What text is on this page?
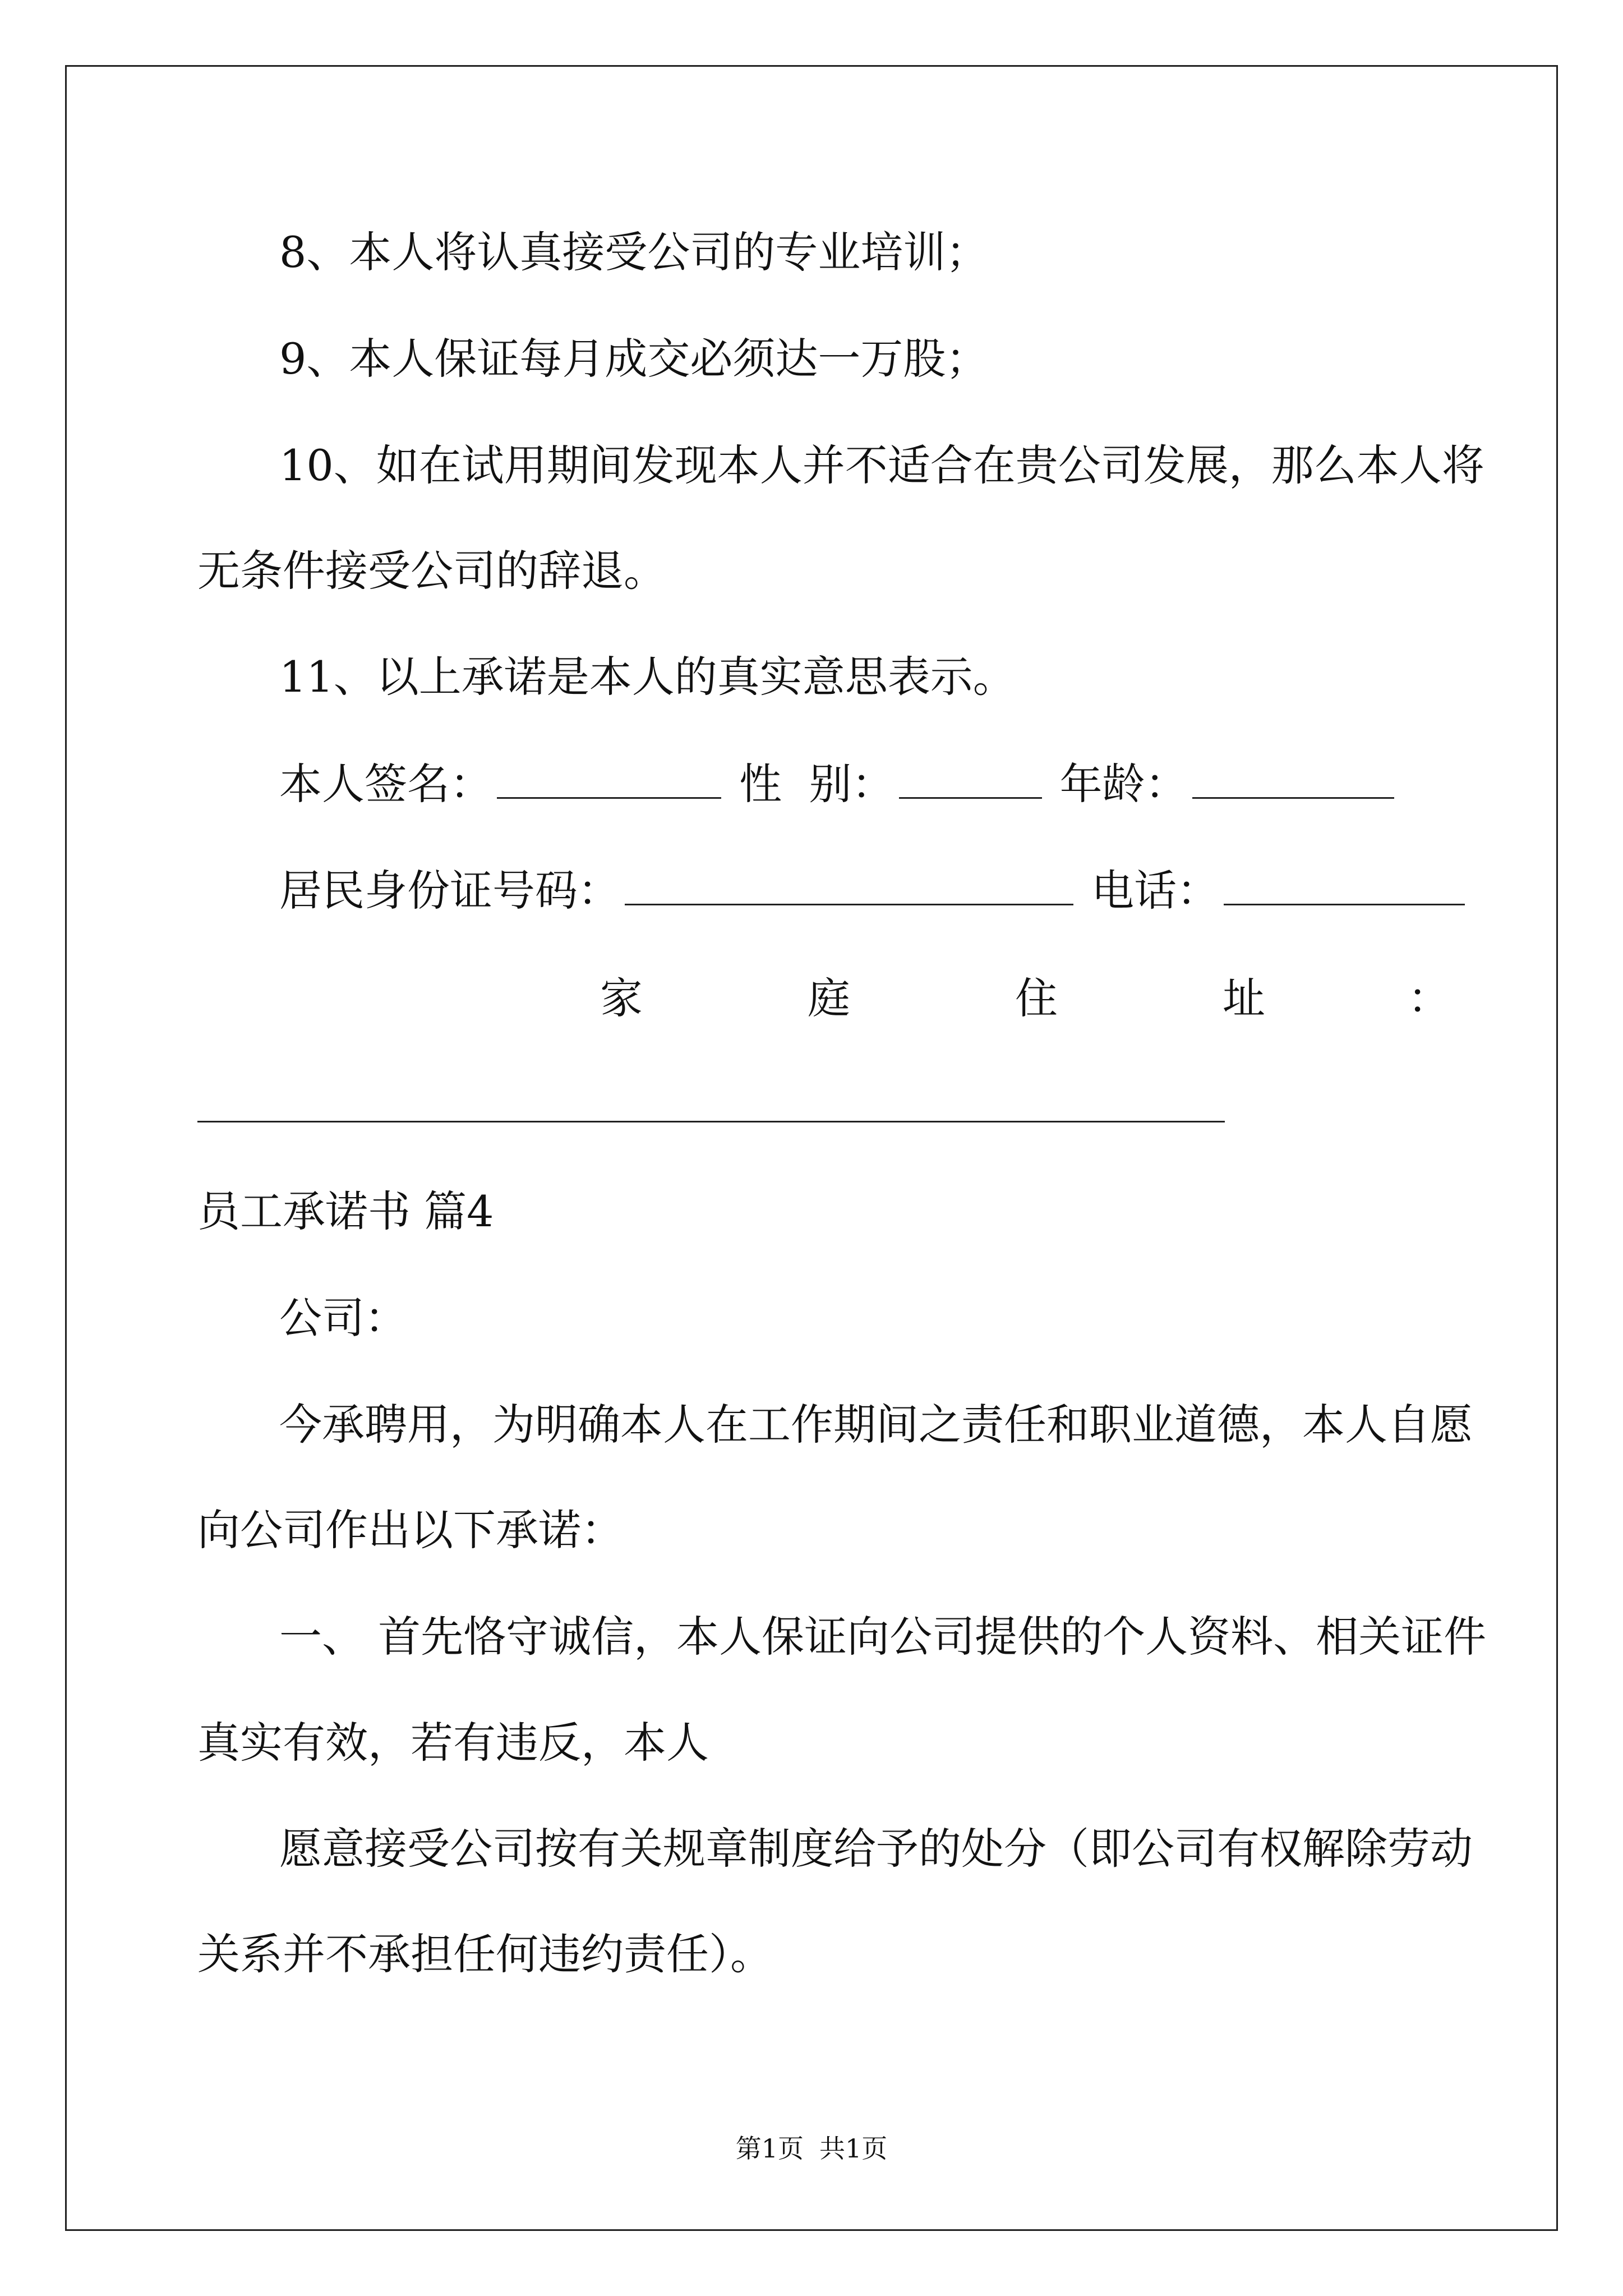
8、本人将认真接受公司的专业培训；
9、本人保证每月成交必须达一万股；
10、如在试用期间发现本人并不适合在贵公司发展，那么本人将
无条件接受公司的辞退。
11、以上承诺是本人的真实意思表示。
本人签名：	性  别：	年龄：
居民身份证号码：	电话：
家	庭	住	址	：
员工承诺书 篇4
公司：
今承聘用，为明确本人在工作期间之责任和职业道德，本人自愿
向公司作出以下承诺：
一、 首先恪守诚信，本人保证向公司提供的个人资料、相关证件
真实有效，若有违反，本人
愿意接受公司按有关规章制度给予的处分（即公司有权解除劳动
关系并不承担任何违约责任）。
第1页 共1页
